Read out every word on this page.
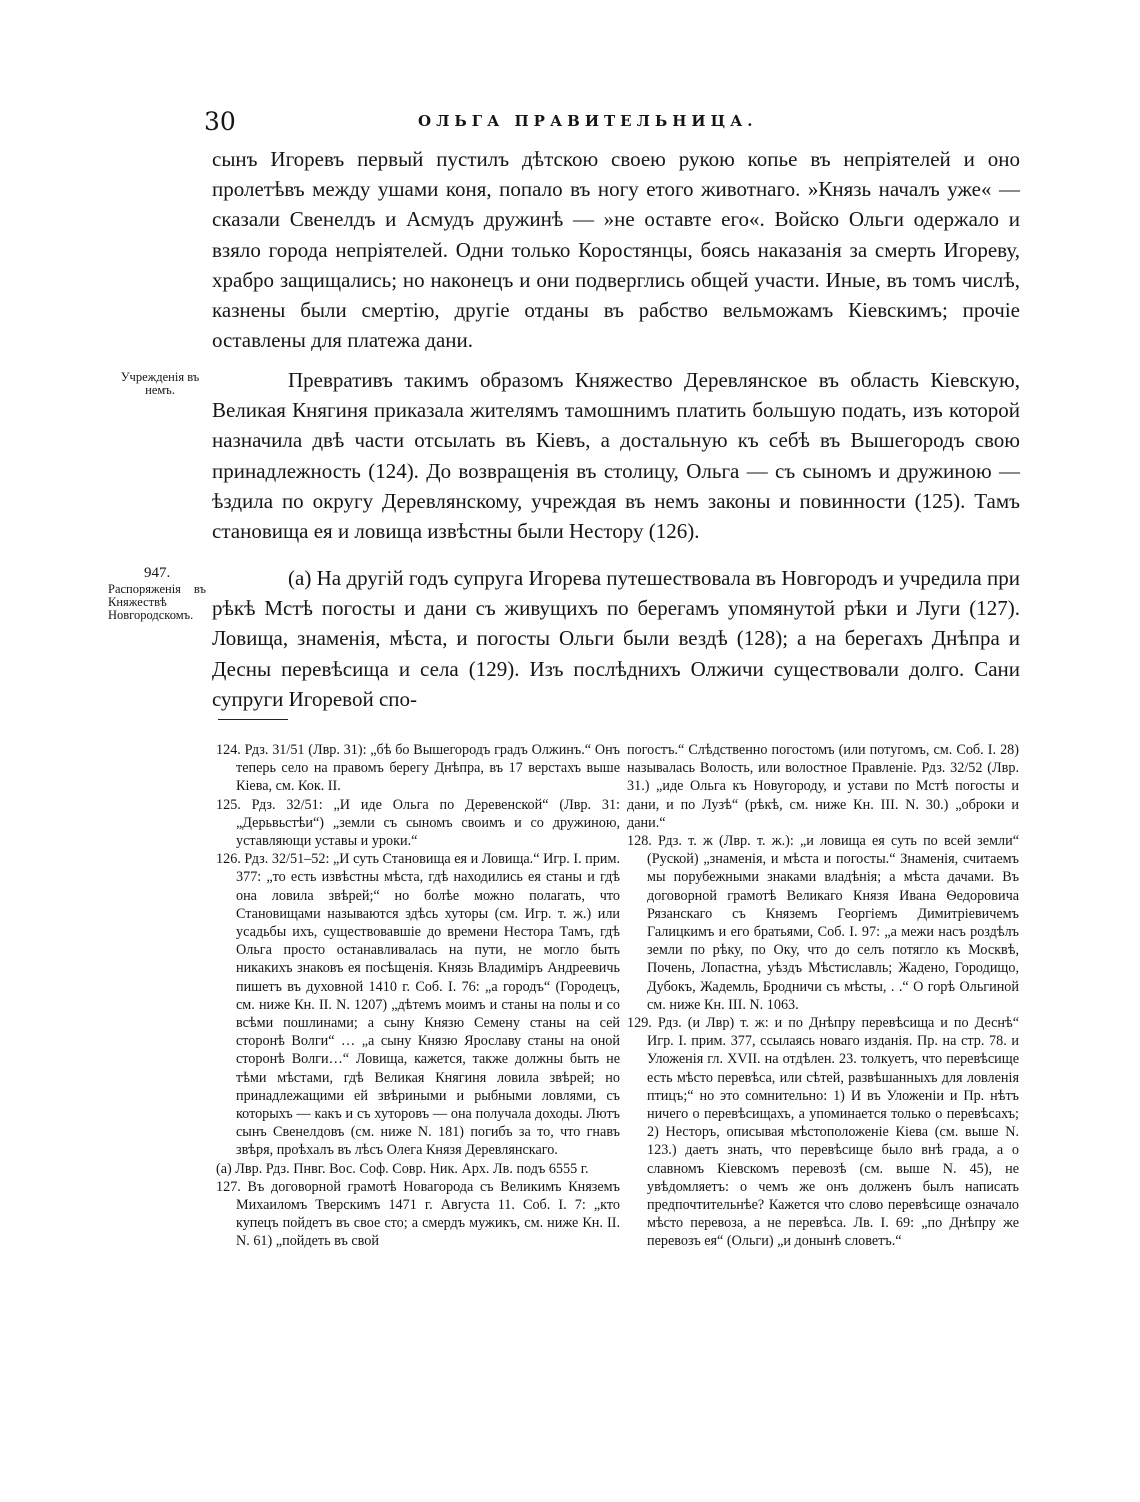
30	ОЛЬГА ПРАВИТЕЛЬНИЦА.

сынъ Игоревъ первый пустилъ дѣтскою своею рукою копье въ непріятелей и оно пролетѣвъ между ушами коня, попало въ ногу етого животнаго. »Князь началъ уже« — сказали Свенелдъ и Асмудъ дружинѣ — »не оставте его«. Войско Ольги одержало и взяло города непріятелей. Одни только Коростянцы, боясь наказанія за смерть Игореву, храбро защищались; но наконецъ и они подверглись общей участи. Иные, въ томъ числѣ, казнены были смертію, другіе отданы въ рабство вельможамъ Кіевскимъ; прочіе оставлены для платежа дани.

Учрежденія въ немъ.	Превративъ такимъ образомъ Княжество Деревлянское въ область Кіевскую, Великая Княгиня приказала жителямъ тамошнимъ платить большую подать, изъ которой назначила двѣ части отсылать въ Кіевъ, а достальную къ себѣ въ Вышегородъ свою принадлежность (124). До возвращенія въ столицу, Ольга — съ сыномъ и дружиною — ѣздила по округу Деревлянскому, учреждая въ немъ законы и повинности (125). Тамъ становища ея и ловища извѣстны были Нестору (126).

947.
Распоряженія въ Княжествѣ Новгородскомъ.

(а) На другій годъ супруга Игорева путешествовала въ Новгородъ и учредила при рѣкѣ Мстѣ погосты и дани съ живущихъ по берегамъ упомянутой рѣки и Луги (127). Ловища, знаменія, мѣста, и погосты Ольги были вездѣ (128); а на берегахъ Днѣпра и Десны перевѣсища и села (129). Изъ послѣднихъ Олжичи существовали долго. Сани супруги Игоревой спо-

124. Рдз. 31/51 (Лвр. 31): „бѣ бо Вышегородъ градъ Олжинъ.“ Онъ теперь село на правомъ берегу Днѣпра, въ 17 верстахъ выше Кіева, см. Кок. II.

125. Рдз. 32/51: „И иде Ольга по Деревенской“ (Лвр. 31: „Дерьвьстѣи“) „земли съ сыномъ своимъ и со дружиною, уставляющи уставы и уроки.“

126. Рдз. 32/51–52: „И суть Становища ея и Ловища.“ Игр. I. прим. 377: „то есть извѣстны мѣста, гдѣ находились ея станы и гдѣ она ловила звѣрей;“ но болѣе можно полагать, что Становищами называются здѣсь хуторы (см. Игр. т. ж.) или усадьбы ихъ, существовавшіе до времени Нестора Тамъ, гдѣ Ольга просто останавливалась на пути, не могло быть никакихъ знаковъ ея посѣщенія. Князь Владиміръ Андреевичь пишетъ въ духовной 1410 г. Соб. I. 76: „а городъ“ (Городецъ, см. ниже Кн. II. N. 1207) „дѣтемъ моимъ и станы на полы и со всѣми пошлинами; а сыну Князю Семену станы на сей сторонѣ Волги“ … „а сыну Князю Ярославу станы на оной сторонѣ Волги…“ Ловища, кажется, также должны быть не тѣми мѣстами, гдѣ Великая Княгиня ловила звѣрей; но принадлежащими ей звѣриными и рыбными ловлями, съ которыхъ — какъ и съ хуторовъ — она получала доходы. Лютъ сынъ Свенелдовъ (см. ниже N. 181) погибъ за то, что гнавъ звѣря, проѣхалъ въ лѣсъ Олега Князя Деревлянскаго.

(а) Лвр. Рдз. Пнвг. Вос. Соф. Совр. Ник. Арх. Лв. подъ 6555 г.

127. Въ договорной грамотѣ Новагорода съ Великимъ Княземъ Михаиломъ Тверскимъ 1471 г. Августа 11. Соб. I. 7: „кто купецъ пойдетъ въ свое сто; а смердъ мужикъ, см. ниже Кн. II. N. 61) „пойдеть въ свой

погостъ.“ Слѣдственно погостомъ (или потугомъ, см. Соб. I. 28) называлась Волость, или волостное Правленіе. Рдз. 32/52 (Лвр. 31.) „иде Ольга къ Новугороду, и устави по Мстѣ погосты и дани, и по Лузѣ“ (рѣкѣ, см. ниже Кн. III. N. 30.) „оброки и дани.“

128. Рдз. т. ж (Лвр. т. ж.): „и ловища ея суть по всей земли“ (Руской) „знаменія, и мѣста и погосты.“ Знаменія, считаемъ мы порубежными знаками владѣнія; а мѣста дачами. Въ договорной грамотѣ Великаго Князя Ивана Ѳедоровича Рязанскаго съ Княземъ Георгіемъ Димитріевичемъ Галицкимъ и его братьями, Соб. I. 97: „а межи насъ роздѣлъ земли по рѣку, по Оку, что до селъ потягло къ Москвѣ, Почень, Лопастна, уѣздъ Мѣстиславль; Жадено, Городищо, Дубокъ, Жадемль, Бродничи съ мѣсты, . .“ О горѣ Ольгиной см. ниже Кн. III. N. 1063.

129. Рдз. (и Лвр) т. ж: и по Днѣпру перевѣсища и по Деснѣ“ Игр. I. прим. 377, ссылаясь новаго изданія. Пр. на стр. 78. и Уложенія гл. XVII. на отдѣлен. 23. толкуетъ, что перевѣсище есть мѣсто перевѣса, или сѣтей, развѣшанныхъ для ловленія птицъ;“ но это сомнительно: 1) И въ Уложеніи и Пр. нѣтъ ничего о перевѣсищахъ, а упоминается только о перевѣсахъ; 2) Несторъ, описывая мѣстоположеніе Кіева (см. выше N. 123.) даетъ знать, что перевѣсище было внѣ града, а о славномъ Кіевскомъ перевозѣ (см. выше N. 45), не увѣдомляетъ: о чемъ же онъ долженъ былъ написать предпочтительнѣе? Кажется что слово перевѣсище означало мѣсто перевоза, а не перевѣса. Лв. I. 69: „по Днѣпру же перевозъ ея“ (Ольги) „и донынѣ словетъ.“
